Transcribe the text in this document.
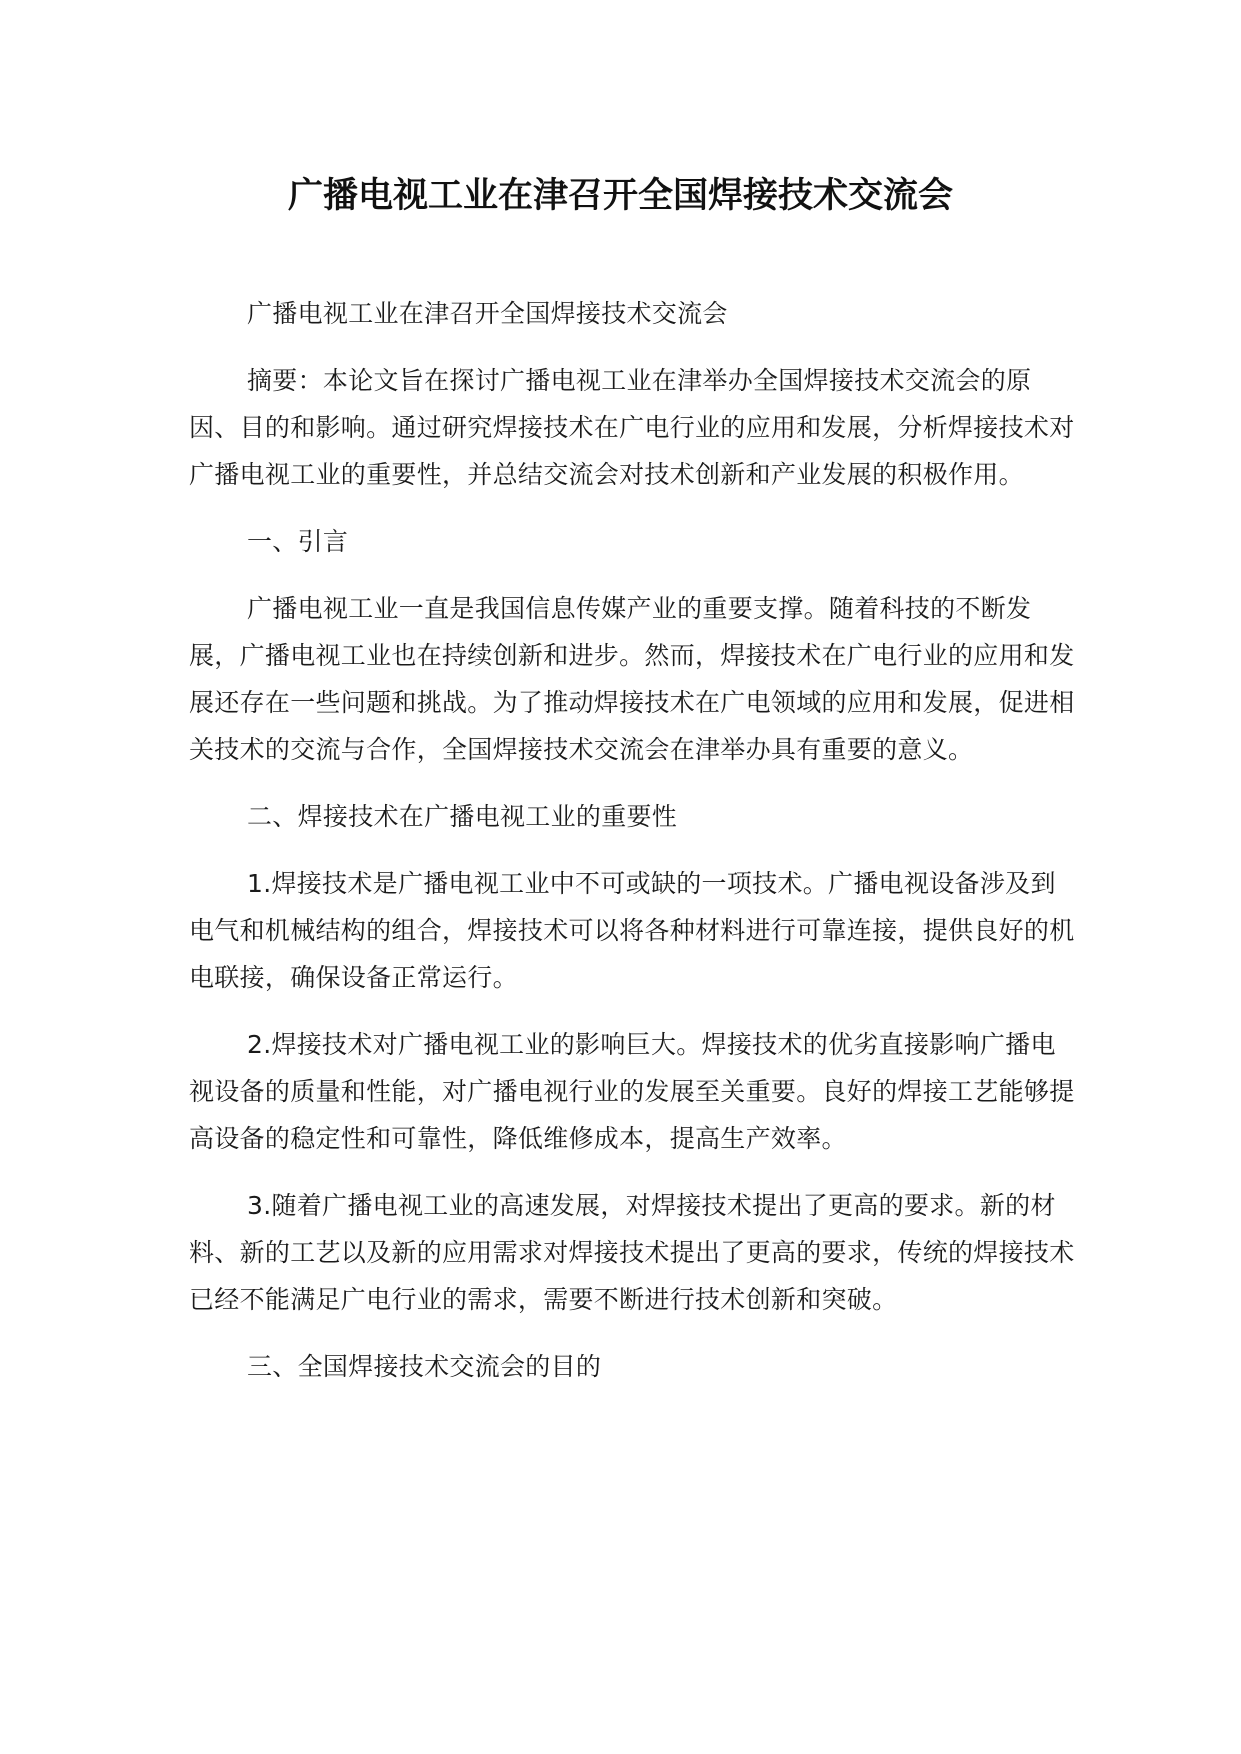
广播电视工业在津召开全国焊接技术交流会

广播电视工业在津召开全国焊接技术交流会

摘要：本论文旨在探讨广播电视工业在津举办全国焊接技术交流会的原因、目的和影响。通过研究焊接技术在广电行业的应用和发展，分析焊接技术对广播电视工业的重要性，并总结交流会对技术创新和产业发展的积极作用。

一、引言

广播电视工业一直是我国信息传媒产业的重要支撑。随着科技的不断发展，广播电视工业也在持续创新和进步。然而，焊接技术在广电行业的应用和发展还存在一些问题和挑战。为了推动焊接技术在广电领域的应用和发展，促进相关技术的交流与合作，全国焊接技术交流会在津举办具有重要的意义。

二、焊接技术在广播电视工业的重要性

1.焊接技术是广播电视工业中不可或缺的一项技术。广播电视设备涉及到电气和机械结构的组合，焊接技术可以将各种材料进行可靠连接，提供良好的机电联接，确保设备正常运行。

2.焊接技术对广播电视工业的影响巨大。焊接技术的优劣直接影响广播电视设备的质量和性能，对广播电视行业的发展至关重要。良好的焊接工艺能够提高设备的稳定性和可靠性，降低维修成本，提高生产效率。

3.随着广播电视工业的高速发展，对焊接技术提出了更高的要求。新的材料、新的工艺以及新的应用需求对焊接技术提出了更高的要求，传统的焊接技术已经不能满足广电行业的需求，需要不断进行技术创新和突破。

三、全国焊接技术交流会的目的
